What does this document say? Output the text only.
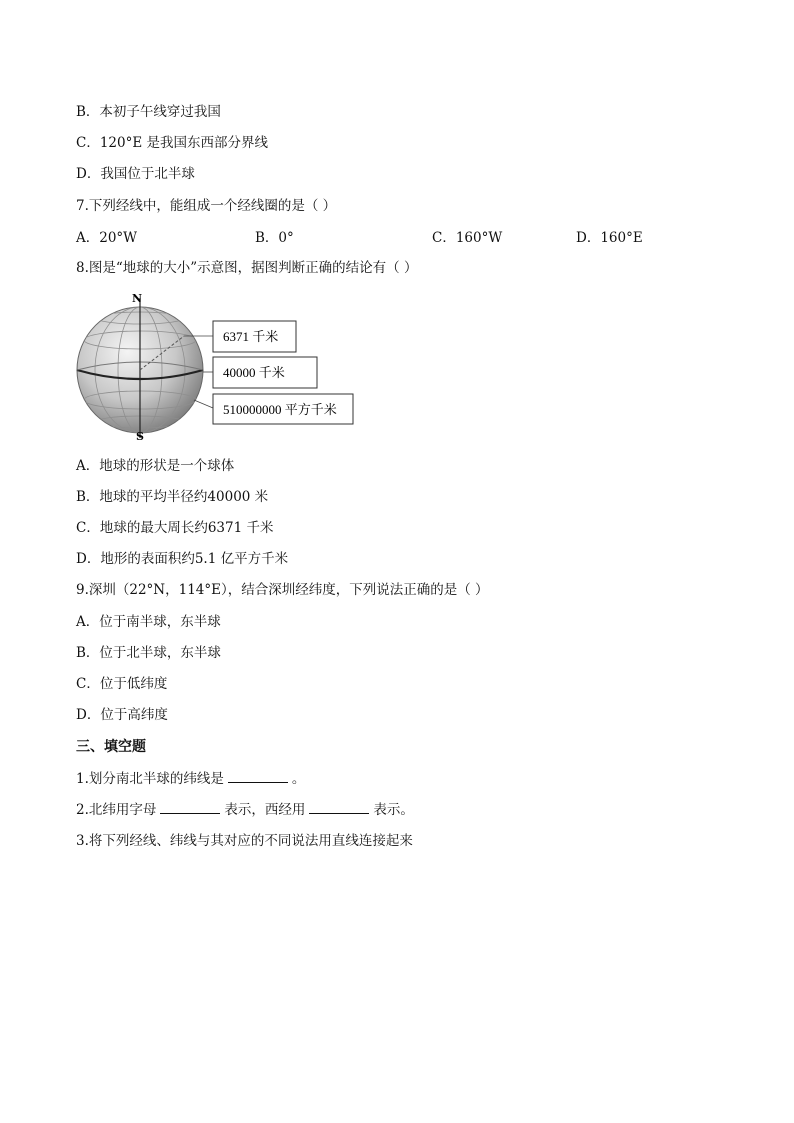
B．本初子午线穿过我国
C．120°E 是我国东西部分界线
D．我国位于北半球
7.下列经线中，能组成一个经线圈的是（ ）
A．20°W	B．0°	C．160°W	D．160°E
8.图是“地球的大小”示意图，据图判断正确的结论有（ ）
N
S
6371 千米
40000 千米
510000000 平方千米
A．地球的形状是一个球体
B．地球的平均半径约40000 米
C．地球的最大周长约6371 千米
D．地形的表面积约5.1 亿平方千米
9.深圳（22°N，114°E），结合深圳经纬度，下列说法正确的是（ ）
A．位于南半球，东半球
B．位于北半球，东半球
C．位于低纬度
D．位于高纬度
三、填空题
1.划分南北半球的纬线是	。
2.北纬用字母	表示，西经用	表示。
3.将下列经线、纬线与其对应的不同说法用直线连接起来
